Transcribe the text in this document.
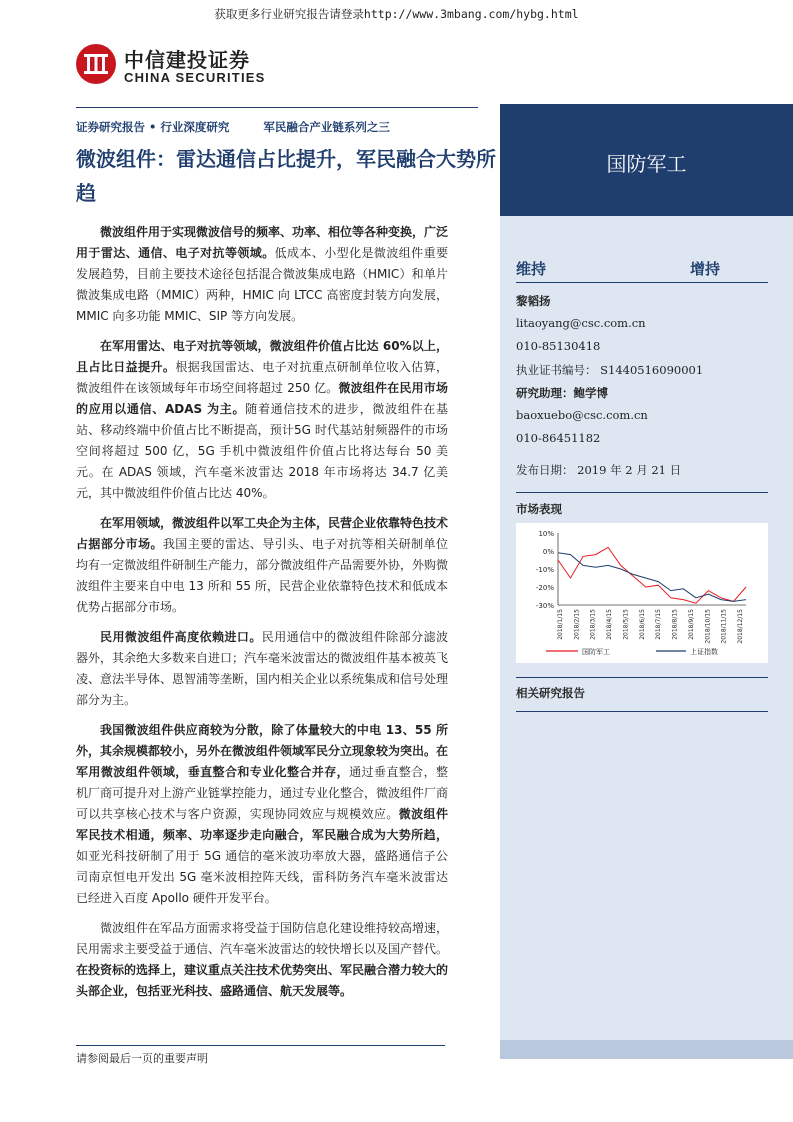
获取更多行业研究报告请登录http://www.3mbang.com/hybg.html
中信建投证券
CHINA SECURITIES
证券研究报告 • 行业深度研究	军民融合产业链系列之三
微波组件：雷达通信占比提升，军民融合大势所趋
国防军工
维持	增持
黎韬扬
litaoyang@csc.com.cn
010-85130418
执业证书编号： S1440516090001
研究助理：鲍学博
baoxuebo@csc.com.cn
010-86451182
发布日期： 2019 年 2 月 21 日
市场表现
10%
0%
-10%
-20%
-30%
2018/1/15 2018/2/15 2018/3/15 2018/4/15 2018/5/15 2018/6/15 2018/7/15 2018/8/15 2018/9/15 2018/10/15 2018/11/15 2018/12/15
国防军工	上证指数
相关研究报告

微波组件用于实现微波信号的频率、功率、相位等各种变换，广泛用于雷达、通信、电子对抗等领域。低成本、小型化是微波组件重要发展趋势，目前主要技术途径包括混合微波集成电路（HMIC）和单片微波集成电路（MMIC）两种，HMIC 向 LTCC 高密度封装方向发展，MMIC 向多功能 MMIC、SIP 等方向发展。

在军用雷达、电子对抗等领域，微波组件价值占比达 60%以上，且占比日益提升。根据我国雷达、电子对抗重点研制单位收入估算，微波组件在该领域每年市场空间将超过 250 亿。微波组件在民用市场的应用以通信、ADAS 为主。随着通信技术的进步，微波组件在基站、移动终端中价值占比不断提高，预计5G 时代基站射频器件的市场空间将超过 500 亿，5G 手机中微波组件价值占比将达每台 50 美元。在 ADAS 领域，汽车毫米波雷达 2018 年市场将达 34.7 亿美元，其中微波组件价值占比达 40%。

在军用领域，微波组件以军工央企为主体，民营企业依靠特色技术占据部分市场。我国主要的雷达、导引头、电子对抗等相关研制单位均有一定微波组件研制生产能力，部分微波组件产品需要外协，外购微波组件主要来自中电 13 所和 55 所，民营企业依靠特色技术和低成本优势占据部分市场。

民用微波组件高度依赖进口。民用通信中的微波组件除部分滤波器外，其余绝大多数来自进口；汽车毫米波雷达的微波组件基本被英飞凌、意法半导体、恩智浦等垄断，国内相关企业以系统集成和信号处理部分为主。

我国微波组件供应商较为分散，除了体量较大的中电 13、55 所外，其余规模都较小，另外在微波组件领域军民分立现象较为突出。在军用微波组件领域，垂直整合和专业化整合并存，通过垂直整合，整机厂商可提升对上游产业链掌控能力，通过专业化整合，微波组件厂商可以共享核心技术与客户资源，实现协同效应与规模效应。微波组件军民技术相通，频率、功率逐步走向融合，军民融合成为大势所趋，如亚光科技研制了用于 5G 通信的毫米波功率放大器，盛路通信子公司南京恒电开发出 5G 毫米波相控阵天线，雷科防务汽车毫米波雷达已经进入百度 Apollo 硬件开发平台。

微波组件在军品方面需求将受益于国防信息化建设维持较高增速，民用需求主要受益于通信、汽车毫米波雷达的较快增长以及国产替代。在投资标的选择上，建议重点关注技术优势突出、军民融合潜力较大的头部企业，包括亚光科技、盛路通信、航天发展等。

请参阅最后一页的重要声明
